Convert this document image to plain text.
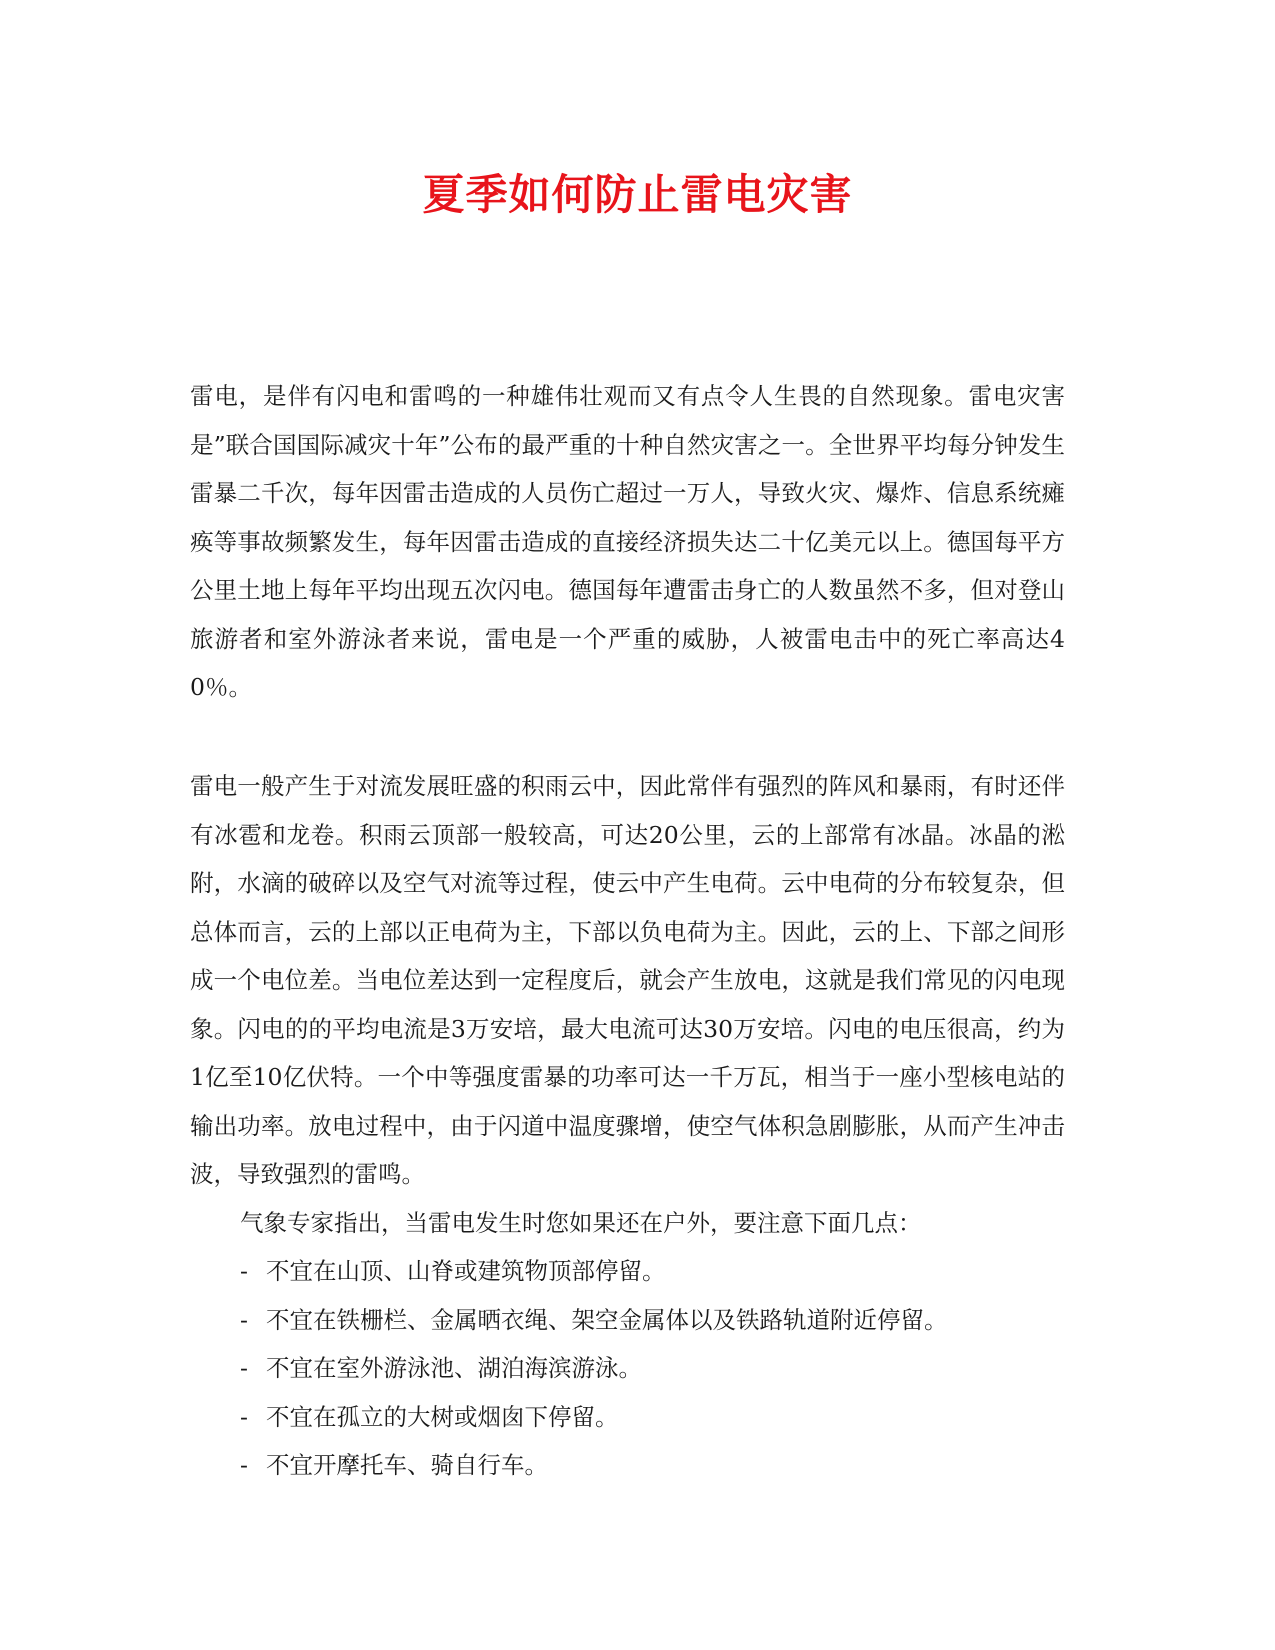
夏季如何防止雷电灾害

雷电，是伴有闪电和雷鸣的一种雄伟壮观而又有点令人生畏的自然现象。雷电灾害是”联合国国际减灾十年”公布的最严重的十种自然灾害之一。全世界平均每分钟发生雷暴二千次，每年因雷击造成的人员伤亡超过一万人，导致火灾、爆炸、信息系统瘫痪等事故频繁发生，每年因雷击造成的直接经济损失达二十亿美元以上。德国每平方公里土地上每年平均出现五次闪电。德国每年遭雷击身亡的人数虽然不多，但对登山旅游者和室外游泳者来说，雷电是一个严重的威胁，人被雷电击中的死亡率高达40％。

雷电一般产生于对流发展旺盛的积雨云中，因此常伴有强烈的阵风和暴雨，有时还伴有冰雹和龙卷。积雨云顶部一般较高，可达20公里，云的上部常有冰晶。冰晶的淞附，水滴的破碎以及空气对流等过程，使云中产生电荷。云中电荷的分布较复杂，但总体而言，云的上部以正电荷为主，下部以负电荷为主。因此，云的上、下部之间形成一个电位差。当电位差达到一定程度后，就会产生放电，这就是我们常见的闪电现象。闪电的的平均电流是3万安培，最大电流可达30万安培。闪电的电压很高，约为1亿至10亿伏特。一个中等强度雷暴的功率可达一千万瓦，相当于一座小型核电站的输出功率。放电过程中，由于闪道中温度骤增，使空气体积急剧膨胀，从而产生冲击波，导致强烈的雷鸣。

气象专家指出，当雷电发生时您如果还在户外，要注意下面几点：

- 不宜在山顶、山脊或建筑物顶部停留。
- 不宜在铁栅栏、金属晒衣绳、架空金属体以及铁路轨道附近停留。
- 不宜在室外游泳池、湖泊海滨游泳。
- 不宜在孤立的大树或烟囱下停留。
- 不宜开摩托车、骑自行车。
